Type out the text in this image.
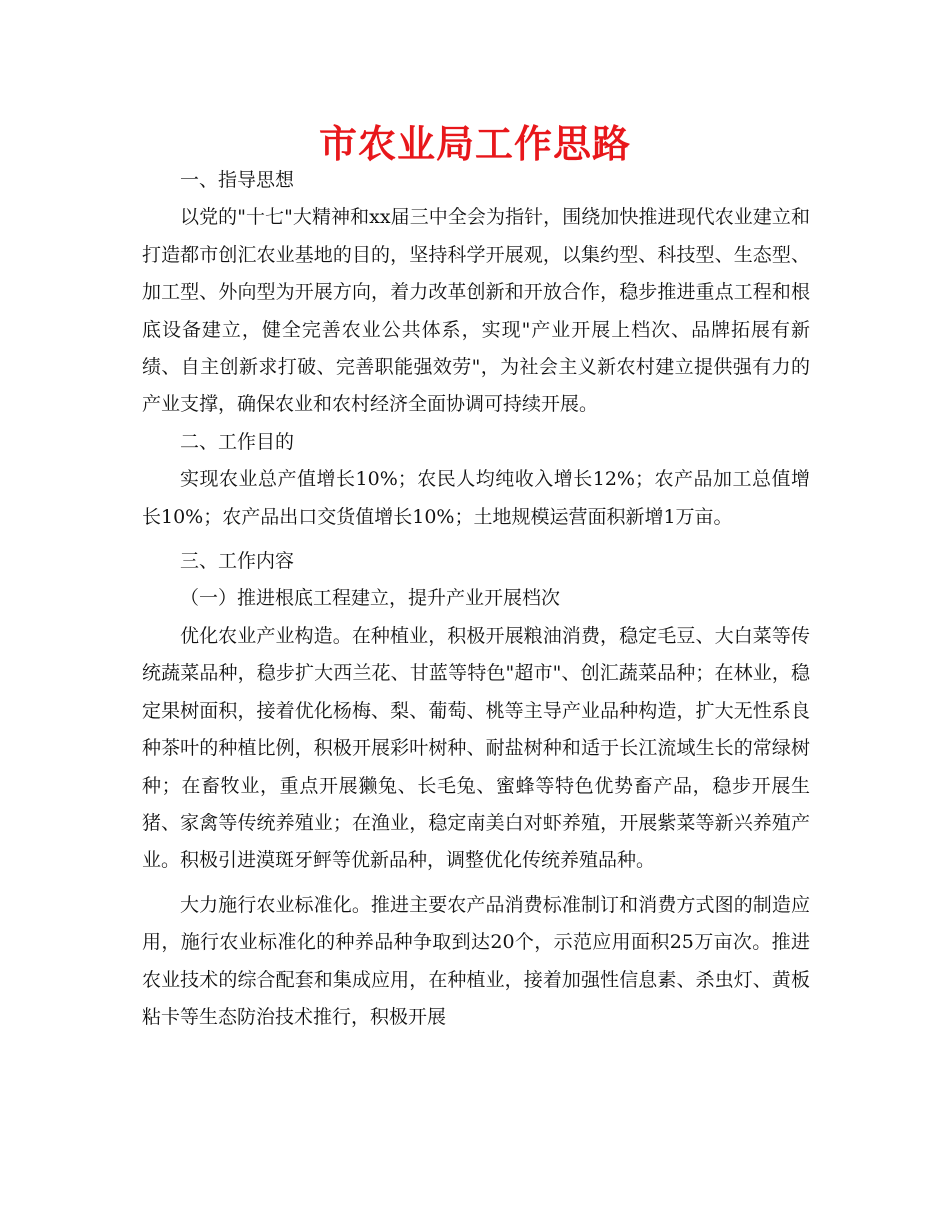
市农业局工作思路

一、指导思想

以党的"十七"大精神和xx届三中全会为指针，围绕加快推进现代农业建立和打造都市创汇农业基地的目的，坚持科学开展观，以集约型、科技型、生态型、加工型、外向型为开展方向，着力改革创新和开放合作，稳步推进重点工程和根底设备建立，健全完善农业公共体系，实现"产业开展上档次、品牌拓展有新绩、自主创新求打破、完善职能强效劳"，为社会主义新农村建立提供强有力的产业支撑，确保农业和农村经济全面协调可持续开展。

二、工作目的

实现农业总产值增长10%；农民人均纯收入增长12%；农产品加工总值增长10%；农产品出口交货值增长10%；土地规模运营面积新增1万亩。

三、工作内容

（一）推进根底工程建立，提升产业开展档次

优化农业产业构造。在种植业，积极开展粮油消费，稳定毛豆、大白菜等传统蔬菜品种，稳步扩大西兰花、甘蓝等特色"超市"、创汇蔬菜品种；在林业，稳定果树面积，接着优化杨梅、梨、葡萄、桃等主导产业品种构造，扩大无性系良种茶叶的种植比例，积极开展彩叶树种、耐盐树种和适于长江流域生长的常绿树种；在畜牧业，重点开展獭兔、长毛兔、蜜蜂等特色优势畜产品，稳步开展生猪、家禽等传统养殖业；在渔业，稳定南美白对虾养殖，开展紫菜等新兴养殖产业。积极引进漠斑牙鲆等优新品种，调整优化传统养殖品种。

大力施行农业标准化。推进主要农产品消费标准制订和消费方式图的制造应用，施行农业标准化的种养品种争取到达20个，示范应用面积25万亩次。推进农业技术的综合配套和集成应用，在种植业，接着加强性信息素、杀虫灯、黄板粘卡等生态防治技术推行，积极开展
